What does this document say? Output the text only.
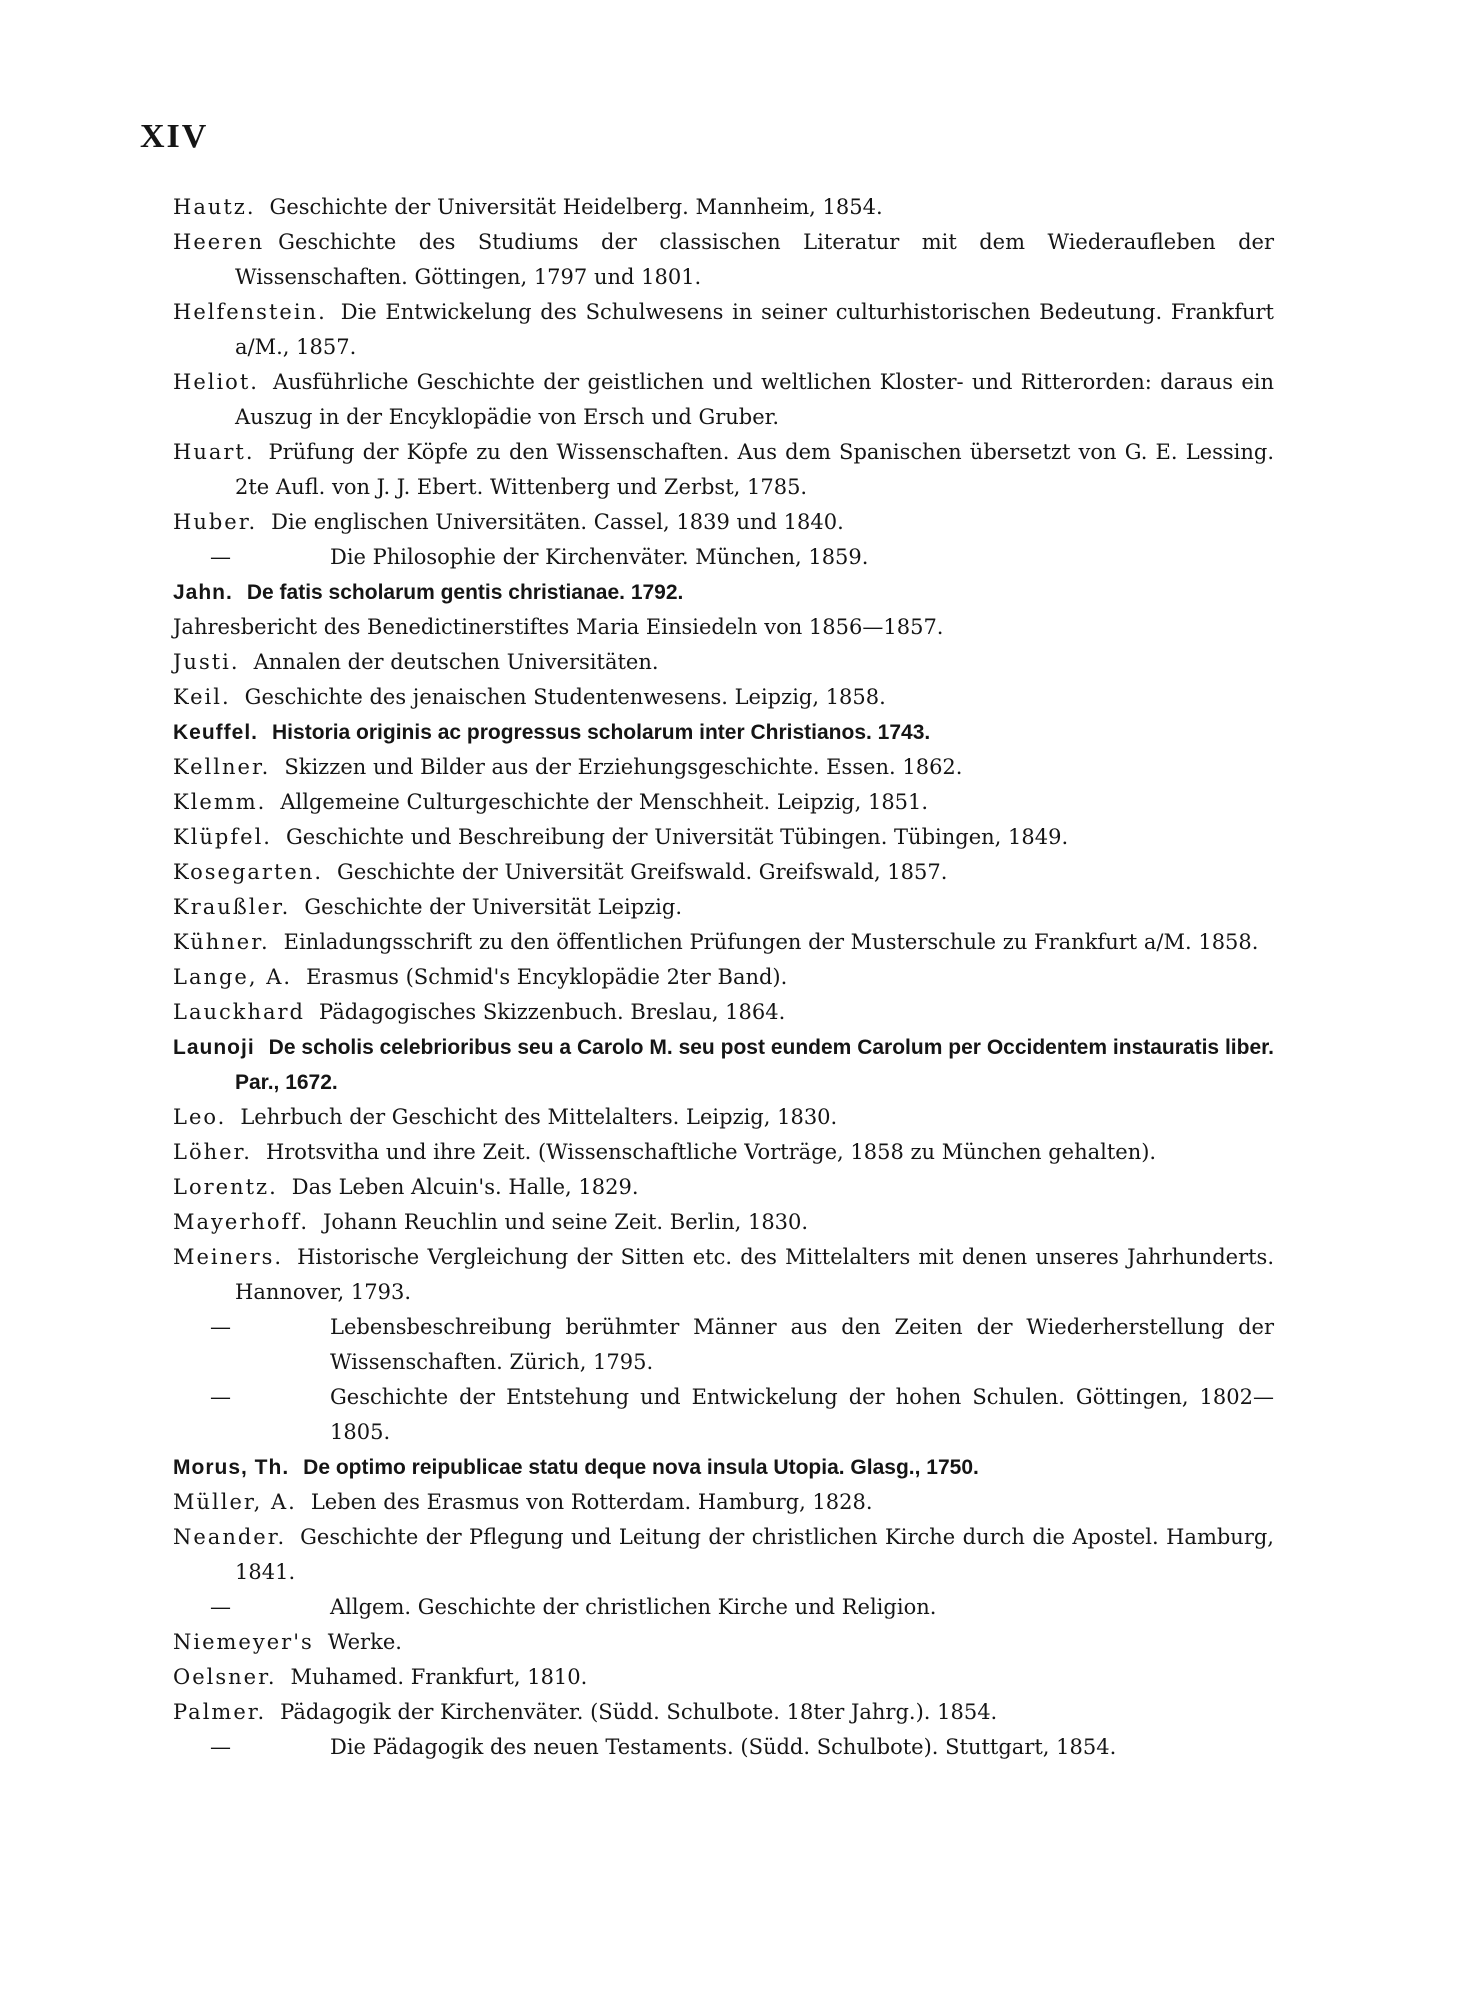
XIV
Hautz. Geschichte der Universität Heidelberg. Mannheim, 1854.
Heeren Geschichte des Studiums der classischen Literatur mit dem Wiederaufleben der Wissenschaften. Göttingen, 1797 und 1801.
Helfenstein. Die Entwickelung des Schulwesens in seiner culturhistorischen Bedeutung. Frankfurt a/M., 1857.
Heliot. Ausführliche Geschichte der geistlichen und weltlichen Kloster- und Ritterorden: daraus ein Auszug in der Encyklopädie von Ersch und Gruber.
Huart. Prüfung der Köpfe zu den Wissenschaften. Aus dem Spanischen übersetzt von G. E. Lessing. 2te Aufl. von J. J. Ebert. Wittenberg und Zerbst, 1785.
Huber. Die englischen Universitäten. Cassel, 1839 und 1840.
—	Die Philosophie der Kirchenväter. München, 1859.
Jahn. De fatis scholarum gentis christianae. 1792.
Jahresbericht des Benedictinerstiftes Maria Einsiedeln von 1856—1857.
Justi. Annalen der deutschen Universitäten.
Keil. Geschichte des jenaischen Studentenwesens. Leipzig, 1858.
Keuffel. Historia originis ac progressus scholarum inter Christianos. 1743.
Kellner. Skizzen und Bilder aus der Erziehungsgeschichte. Essen. 1862.
Klemm. Allgemeine Culturgeschichte der Menschheit. Leipzig, 1851.
Klüpfel. Geschichte und Beschreibung der Universität Tübingen. Tübingen, 1849.
Kosegarten. Geschichte der Universität Greifswald. Greifswald, 1857.
Kraußler. Geschichte der Universität Leipzig.
Kühner. Einladungsschrift zu den öffentlichen Prüfungen der Musterschule zu Frankfurt a/M. 1858.
Lange, A. Erasmus (Schmid's Encyklopädie 2ter Band).
Lauckhard Pädagogisches Skizzenbuch. Breslau, 1864.
Launoji De scholis celebrioribus seu a Carolo M. seu post eundem Carolum per Occidentem instauratis liber. Par., 1672.
Leo. Lehrbuch der Geschicht des Mittelalters. Leipzig, 1830.
Löher. Hrotsvitha und ihre Zeit. (Wissenschaftliche Vorträge, 1858 zu München gehalten).
Lorentz. Das Leben Alcuin's. Halle, 1829.
Mayerhoff. Johann Reuchlin und seine Zeit. Berlin, 1830.
Meiners. Historische Vergleichung der Sitten etc. des Mittelalters mit denen unseres Jahrhunderts. Hannover, 1793.
—	Lebensbeschreibung berühmter Männer aus den Zeiten der Wiederherstellung der Wissenschaften. Zürich, 1795.
—	Geschichte der Entstehung und Entwickelung der hohen Schulen. Göttingen, 1802—1805.
Morus, Th. De optimo reipublicae statu deque nova insula Utopia. Glasg., 1750.
Müller, A. Leben des Erasmus von Rotterdam. Hamburg, 1828.
Neander. Geschichte der Pflegung und Leitung der christlichen Kirche durch die Apostel. Hamburg, 1841.
—	Allgem. Geschichte der christlichen Kirche und Religion.
Niemeyer's Werke.
Oelsner. Muhamed. Frankfurt, 1810.
Palmer. Pädagogik der Kirchenväter. (Südd. Schulbote. 18ter Jahrg.). 1854.
—	Die Pädagogik des neuen Testaments. (Südd. Schulbote). Stuttgart, 1854.
